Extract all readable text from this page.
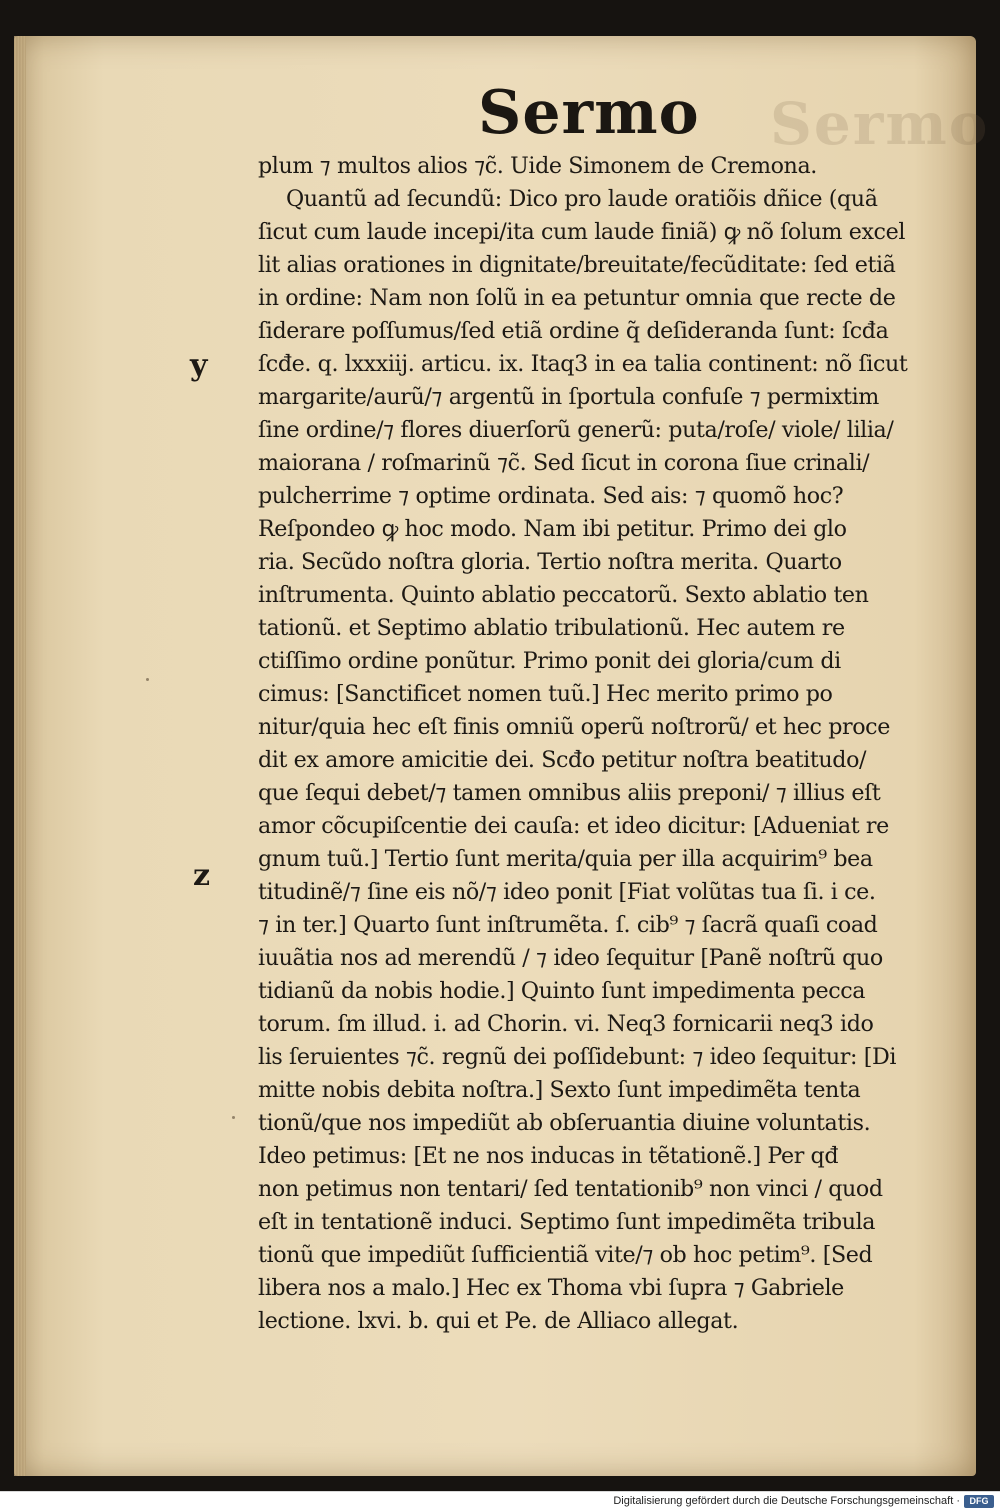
Sermo
Sermo
y
z
plum ⁊ multos alios ⁊c̃. Uide Simonem de Cremona.
Quantũ ad ſecundũ: Dico pro laude oratiõis dñice (quã
ſicut cum laude incepi/ita cum laude finiã) ꝙ nõ ſolum excel
lit alias orationes in dignitate/breuitate/fecũditate: ſed etiã
in ordine: Nam non ſolũ in ea petuntur omnia que recte de
ſiderare poſſumus/ſed etiã ordine q̃ deſideranda ſunt: ſcđa
ſcđe. q. lxxxiij. articu. ix. Itaq3 in ea talia continent: nõ ſicut
margarite/aurũ/⁊ argentũ in ſportula confuſe ⁊ permixtim
ſine ordine/⁊ flores diuerſorũ generũ: puta/roſe/ viole/ lilia/
maiorana / roſmarinũ ⁊c̃. Sed ſicut in corona ſiue crinali/
pulcherrime ⁊ optime ordinata. Sed ais: ⁊ quomõ hoc?
Reſpondeo ꝙ hoc modo. Nam ibi petitur. Primo dei glo
ria. Secũdo noſtra gloria. Tertio noſtra merita. Quarto
inſtrumenta. Quinto ablatio peccatorũ. Sexto ablatio ten
tationũ. et Septimo ablatio tribulationũ. Hec autem re
ctiſſimo ordine ponũtur. Primo ponit dei gloria/cum di
cimus: [Sanctificet nomen tuũ.] Hec merito primo po
nitur/quia hec eſt finis omniũ operũ noſtrorũ/ et hec proce
dit ex amore amicitie dei. Scđo petitur noſtra beatitudo/
que ſequi debet/⁊ tamen omnibus aliis preponi/ ⁊ illius eſt
amor cõcupiſcentie dei cauſa: et ideo dicitur: [Adueniat re
gnum tuũ.] Tertio ſunt merita/quia per illa acquirim⁹ bea
titudinẽ/⁊ ſine eis nõ/⁊ ideo ponit [Fiat volũtas tua ſi. i ce.
⁊ in ter.] Quarto ſunt inſtrumẽta. ſ. cib⁹ ⁊ ſacrã quaſi coad
iuuãtia nos ad merendũ / ⁊ ideo ſequitur [Panẽ noſtrũ quo
tidianũ da nobis hodie.] Quinto ſunt impedimenta pecca
torum. ſm illud. i. ad Chorin. vi. Neq3 fornicarii neq3 ido
lis ſeruientes ⁊c̃. regnũ dei poſſidebunt: ⁊ ideo ſequitur: [Di
mitte nobis debita noſtra.] Sexto ſunt impedimẽta tenta
tionũ/que nos impediũt ab obſeruantia diuine voluntatis.
Ideo petimus: [Et ne nos inducas in tẽtationẽ.] Per qđ
non petimus non tentari/ ſed tentationib⁹ non vinci / quod
eſt in tentationẽ induci. Septimo ſunt impedimẽta tribula
tionũ que impediũt ſufficientiã vite/⁊ ob hoc petim⁹. [Sed
libera nos a malo.] Hec ex Thoma vbi ſupra ⁊ Gabriele
lectione. lxvi. b. qui et Pe. de Alliaco allegat.
Digitalisierung gefördert durch die Deutsche Forschungsgemeinschaft ·	DFG
